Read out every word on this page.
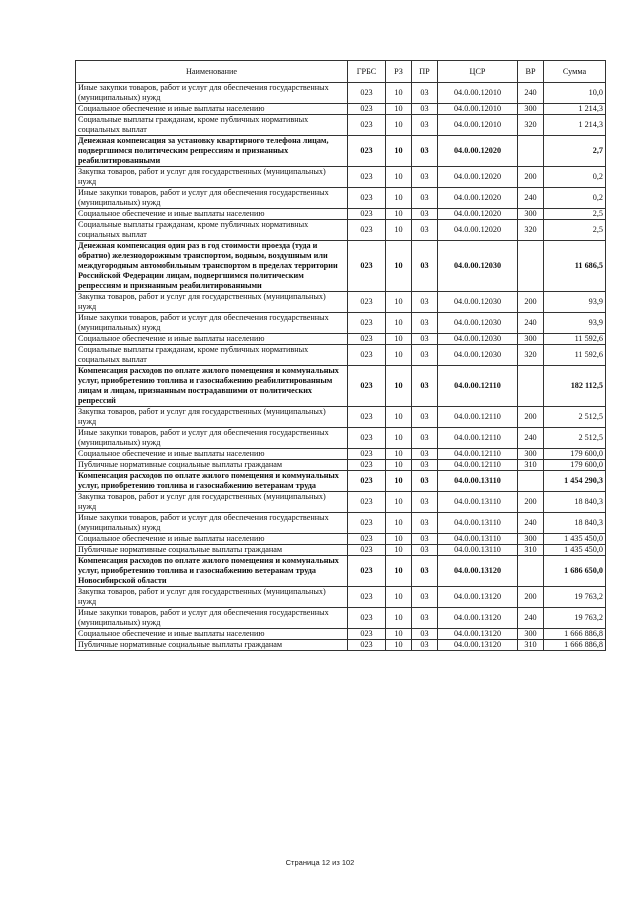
Наименование	ГРБС	РЗ	ПР	ЦСР	ВР	Сумма
Иные закупки товаров, работ и услуг для обеспечения государственных (муниципальных) нужд	023	10	03	04.0.00.12010	240	10,0
Социальное обеспечение и иные выплаты населению	023	10	03	04.0.00.12010	300	1 214,3
Социальные выплаты гражданам, кроме публичных нормативных социальных выплат	023	10	03	04.0.00.12010	320	1 214,3
Денежная компенсация за установку квартирного телефона лицам, подвергшимся политическим репрессиям и признанных реабилитированными	023	10	03	04.0.00.12020		2,7
Закупка товаров, работ и услуг для государственных (муниципальных) нужд	023	10	03	04.0.00.12020	200	0,2
Иные закупки товаров, работ и услуг для обеспечения государственных (муниципальных) нужд	023	10	03	04.0.00.12020	240	0,2
Социальное обеспечение и иные выплаты населению	023	10	03	04.0.00.12020	300	2,5
Социальные выплаты гражданам, кроме публичных нормативных социальных выплат	023	10	03	04.0.00.12020	320	2,5
Денежная компенсация один раз в год стоимости проезда (туда и обратно) железнодорожным транспортом, водным, воздушным или междугородным автомобильным транспортом в пределах территории Российской Федерации лицам, подвергшимся политическим репрессиям и признанным реабилитированными	023	10	03	04.0.00.12030		11 686,5
Закупка товаров, работ и услуг для государственных (муниципальных) нужд	023	10	03	04.0.00.12030	200	93,9
Иные закупки товаров, работ и услуг для обеспечения государственных (муниципальных) нужд	023	10	03	04.0.00.12030	240	93,9
Социальное обеспечение и иные выплаты населению	023	10	03	04.0.00.12030	300	11 592,6
Социальные выплаты гражданам, кроме публичных нормативных социальных выплат	023	10	03	04.0.00.12030	320	11 592,6
Компенсация расходов по оплате жилого помещения и коммунальных услуг, приобретению топлива и газоснабжению реабилитированным лицам и лицам, признанным пострадавшими от политических репрессий	023	10	03	04.0.00.12110		182 112,5
Закупка товаров, работ и услуг для государственных (муниципальных) нужд	023	10	03	04.0.00.12110	200	2 512,5
Иные закупки товаров, работ и услуг для обеспечения государственных (муниципальных) нужд	023	10	03	04.0.00.12110	240	2 512,5
Социальное обеспечение и иные выплаты населению	023	10	03	04.0.00.12110	300	179 600,0
Публичные нормативные социальные выплаты гражданам	023	10	03	04.0.00.12110	310	179 600,0
Компенсация расходов по оплате жилого помещения и коммунальных услуг, приобретению топлива и газоснабжению ветеранам труда	023	10	03	04.0.00.13110		1 454 290,3
Закупка товаров, работ и услуг для государственных (муниципальных) нужд	023	10	03	04.0.00.13110	200	18 840,3
Иные закупки товаров, работ и услуг для обеспечения государственных (муниципальных) нужд	023	10	03	04.0.00.13110	240	18 840,3
Социальное обеспечение и иные выплаты населению	023	10	03	04.0.00.13110	300	1 435 450,0
Публичные нормативные социальные выплаты гражданам	023	10	03	04.0.00.13110	310	1 435 450,0
Компенсация расходов по оплате жилого помещения и коммунальных услуг, приобретению топлива и газоснабжению ветеранам труда Новосибирской области	023	10	03	04.0.00.13120		1 686 650,0
Закупка товаров, работ и услуг для государственных (муниципальных) нужд	023	10	03	04.0.00.13120	200	19 763,2
Иные закупки товаров, работ и услуг для обеспечения государственных (муниципальных) нужд	023	10	03	04.0.00.13120	240	19 763,2
Социальное обеспечение и иные выплаты населению	023	10	03	04.0.00.13120	300	1 666 886,8
Публичные нормативные социальные выплаты гражданам	023	10	03	04.0.00.13120	310	1 666 886,8
Страница 12 из 102
